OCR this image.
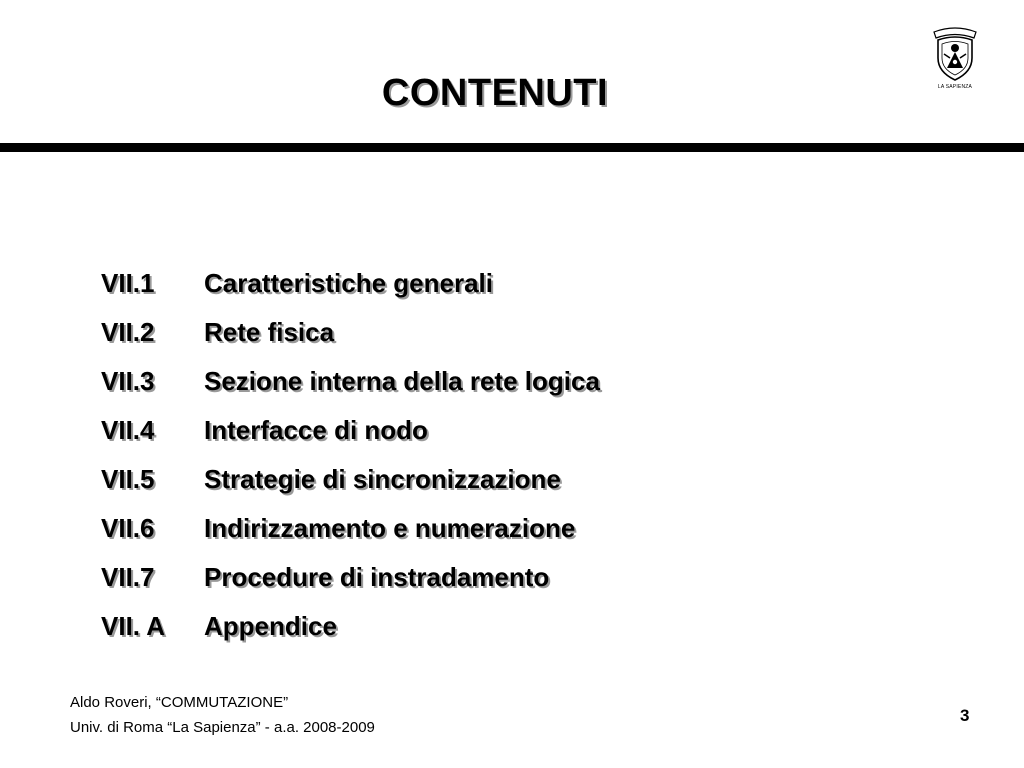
CONTENUTI	LA SAPIENZA
VII.1	Caratteristiche generali
VII.2	Rete fisica
VII.3	Sezione interna della rete logica
VII.4	Interfacce di nodo
VII.5	Strategie di sincronizzazione
VII.6	Indirizzamento e numerazione
VII.7	Procedure di instradamento
VII. A	Appendice
Aldo Roveri, “COMMUTAZIONE”
Univ. di Roma “La Sapienza” - a.a. 2008-2009
3
